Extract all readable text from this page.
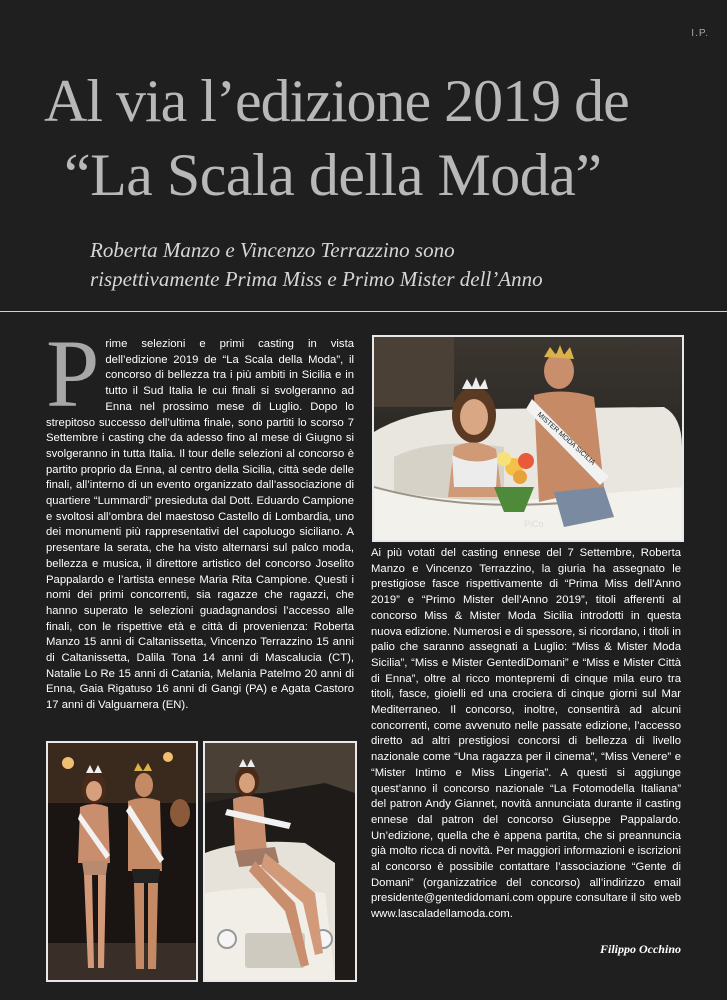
I.P.
Al via l’edizione 2019 de
“La Scala della Moda”
Roberta Manzo e Vincenzo Terrazzino sono
rispettivamente Prima Miss e Primo Mister dell’Anno
P rime selezioni e primi casting in vista dell’edizione 2019 de “La Scala della Moda”, il concorso di bellezza tra i più ambiti in Sicilia e in tutto il Sud Italia le cui finali si svolgeranno ad Enna nel prossimo mese di Luglio. Dopo lo strepitoso successo dell’ultima finale, sono partiti lo scorso 7 Settembre i casting che da adesso fino al mese di Giugno si svolgeranno in tutta Italia. Il tour delle selezioni al concorso è partito proprio da Enna, al centro della Sicilia, città sede delle finali, all’interno di un evento organizzato dall’associazione di quartiere “Lummardi” presieduta dal Dott. Eduardo Campione e svoltosi all’ombra del maestoso Castello di Lombardia, uno dei monumenti più rappresentativi del capoluogo siciliano. A presentare la serata, che ha visto alternarsi sul palco moda, bellezza e musica, il direttore artistico del concorso Joselito Pappalardo e l’artista ennese Maria Rita Campione. Questi i nomi dei primi concorrenti, sia ragazze che ragazzi, che hanno superato le selezioni guadagnandosi l’accesso alle finali, con le rispettive età e città di provenienza: Roberta Manzo 15 anni di Caltanissetta, Vincenzo Terrazzino 15 anni di Caltanissetta, Dalila Tona 14 anni di Mascalucia (CT), Natalie Lo Re 15 anni di Catania, Melania Patelmo 20 anni di Enna, Gaia Rigatuso 16 anni di Gangi (PA) e Agata Castoro 17 anni di Valguarnera (EN).
MISTER MODA SICILIA
PiCo
Ai più votati del casting ennese del 7 Settembre, Roberta Manzo e Vincenzo Terrazzino, la giuria ha assegnato le prestigiose fasce rispettivamente di “Prima Miss dell’Anno 2019” e “Primo Mister dell’Anno 2019”, titoli afferenti al concorso Miss & Mister Moda Sicilia introdotti in questa nuova edizione. Numerosi e di spessore, si ricordano, i titoli in palio che saranno assegnati a Luglio: “Miss & Mister Moda Sicilia”, “Miss e Mister GentediDomani” e “Miss e Mister Città di Enna”, oltre al ricco montepremi di cinque mila euro tra titoli, fasce, gioielli ed una crociera di cinque giorni sul Mar Mediterraneo. Il concorso, inoltre, consentirà ad alcuni concorrenti, come avvenuto nelle passate edizione, l’accesso diretto ad altri prestigiosi concorsi di bellezza di livello nazionale come “Una ragazza per il cinema”, “Miss Venere” e “Mister Intimo e Miss Lingeria”. A questi si aggiunge quest’anno il concorso nazionale “La Fotomodella Italiana” del patron Andy Giannet, novità annunciata durante il casting ennese dal patron del concorso Giuseppe Pappalardo. Un’edizione, quella che è appena partita, che si preannuncia già molto ricca di novità. Per maggiori informazioni e iscrizioni al concorso è possibile contattare l’associazione “Gente di Domani” (organizzatrice del concorso) all’indirizzo email presidente@gentedidomani.com oppure consultare il sito web www.lascaladellamoda.com.
Filippo Occhino
